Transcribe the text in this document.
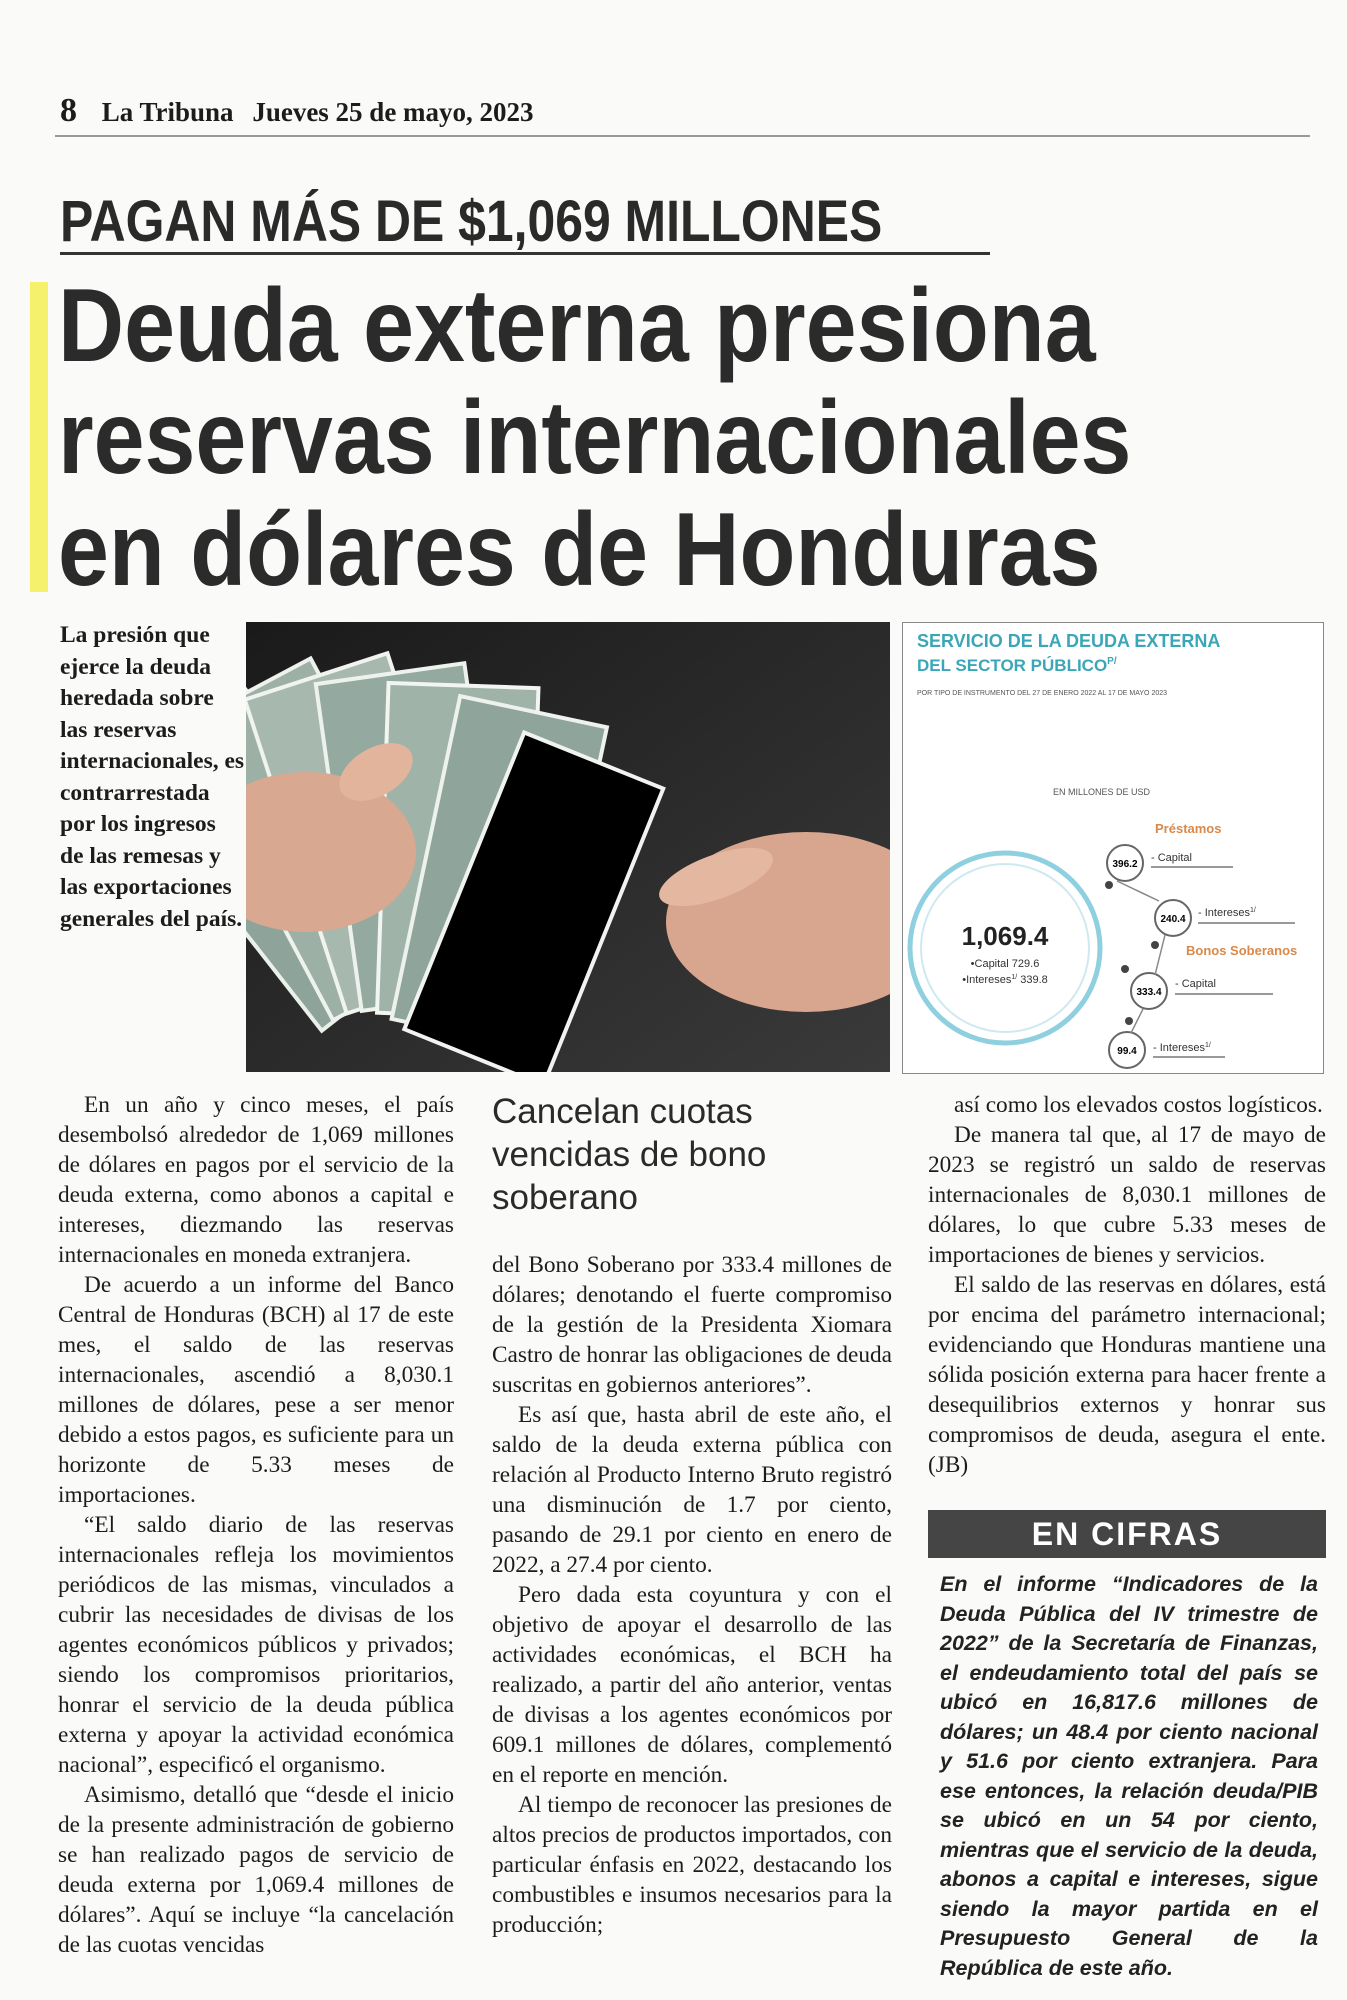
8 La Tribuna Jueves 25 de mayo, 2023
PAGAN MÁS DE $1,069 MILLONES
Deuda externa presiona
reservas internacionales
en dólares de Honduras
La presión que ejerce la deuda heredada sobre las reservas internacionales, es contrarrestada por los ingresos de las remesas y las exportaciones generales del país.
SERVICIO DE LA DEUDA EXTERNA
DEL SECTOR $PÚBLICO^{P/}$
POR TIPO DE INSTRUMENTO DEL 27 DE ENERO 2022 AL 17 DE MAYO 2023
EN MILLONES DE USD
1,069.4
•Capital 729.6
•Intereses$^{1/}$ 339.8
Préstamos
396.2
- Capital
240.4
- Intereses$^{1/}$
Bonos Soberanos
333.4
- Capital
99.4 - Intereses$^{1/}$

En un año y cinco meses, el país desembolsó alrededor de 1,069 millones de dólares en pagos por el servicio de la deuda externa, como abonos a capital e intereses, diezmando las reservas internacionales en moneda extranjera.

De acuerdo a un informe del Banco Central de Honduras (BCH) al 17 de este mes, el saldo de las reservas internacionales, ascendió a 8,030.1 millones de dólares, pese a ser menor debido a estos pagos, es suficiente para un horizonte de 5.33 meses de importaciones.

“El saldo diario de las reservas internacionales refleja los movimientos periódicos de las mismas, vinculados a cubrir las necesidades de divisas de los agentes económicos públicos y privados; siendo los compromisos prioritarios, honrar el servicio de la deuda pública externa y apoyar la actividad económica nacional”, especificó el organismo.

Asimismo, detalló que “desde el inicio de la presente administración de gobierno se han realizado pagos de servicio de deuda externa por 1,069.4 millones de dólares”. Aquí se incluye “la cancelación de las cuotas vencidas

Cancelan cuotas vencidas de bono soberano

del Bono Soberano por 333.4 millones de dólares; denotando el fuerte compromiso de la gestión de la Presidenta Xiomara Castro de honrar las obligaciones de deuda suscritas en gobiernos anteriores”.

Es así que, hasta abril de este año, el saldo de la deuda externa pública con relación al Producto Interno Bruto registró una disminución de 1.7 por ciento, pasando de 29.1 por ciento en enero de 2022, a 27.4 por ciento.

Pero dada esta coyuntura y con el objetivo de apoyar el desarrollo de las actividades económicas, el BCH ha realizado, a partir del año anterior, ventas de divisas a los agentes económicos por 609.1 millones de dólares, complementó en el reporte en mención.

Al tiempo de reconocer las presiones de altos precios de productos importados, con particular énfasis en 2022, destacando los combustibles e insumos necesarios para la producción;

así como los elevados costos logísticos.

De manera tal que, al 17 de mayo de 2023 se registró un saldo de reservas internacionales de 8,030.1 millones de dólares, lo que cubre 5.33 meses de importaciones de bienes y servicios.

El saldo de las reservas en dólares, está por encima del parámetro internacional; evidenciando que Honduras mantiene una sólida posición externa para hacer frente a desequilibrios externos y honrar sus compromisos de deuda, asegura el ente. (JB)

EN CIFRAS
En el informe “Indicadores de la Deuda Pública del IV trimestre de 2022” de la Secretaría de Finanzas, el endeudamiento total del país se ubicó en 16,817.6 millones de dólares; un 48.4 por ciento nacional y 51.6 por ciento extranjera. Para ese entonces, la relación deuda/PIB se ubicó en un 54 por ciento, mientras que el servicio de la deuda, abonos a capital e intereses, sigue siendo la mayor partida en el Presupuesto General de la República de este año.
